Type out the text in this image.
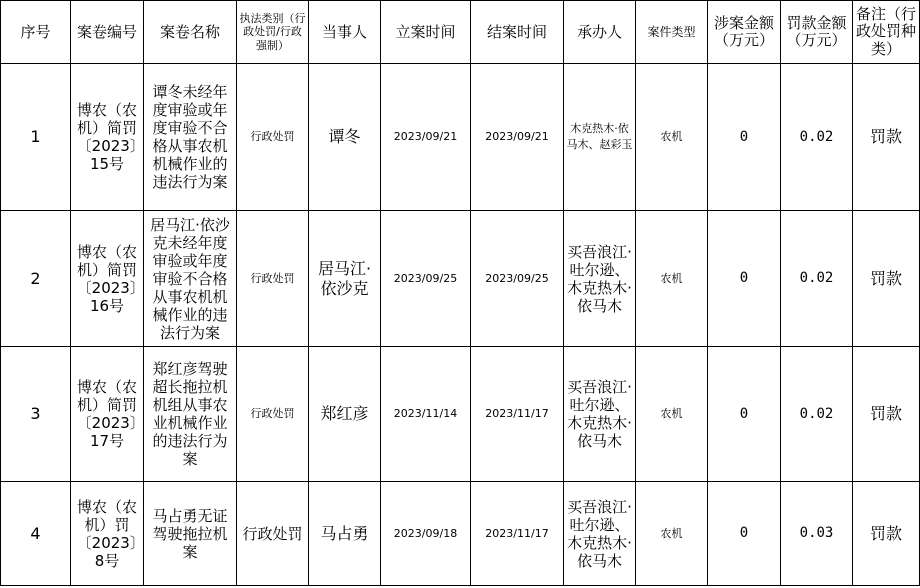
序号	案卷编号	案卷名称	执法类别（行政处罚/行政强制）	当事人	立案时间	结案时间	承办人	案件类型	涉案金额（万元）	罚款金额（万元）	备注（行政处罚种类）
1	博农（农机）简罚〔2023〕15号	谭冬未经年度审验或年度审验不合格从事农机机械作业的违法行为案	行政处罚	谭冬	2023/09/21	2023/09/21	木克热木·依马木、赵彩玉	农机	0	0.02	罚款
2	博农（农机）简罚〔2023〕16号	居马江·依沙克未经年度审验或年度审验不合格从事农机机械作业的违法行为案	行政处罚	居马江·依沙克	2023/09/25	2023/09/25	买吾浪江·吐尔逊、木克热木·依马木	农机	0	0.02	罚款
3	博农（农机）简罚〔2023〕17号	郑红彦驾驶超长拖拉机机组从事农业机械作业的违法行为案	行政处罚	郑红彦	2023/11/14	2023/11/17	买吾浪江·吐尔逊、木克热木·依马木	农机	0	0.02	罚款
4	博农（农机）罚〔2023〕8号	马占勇无证驾驶拖拉机案	行政处罚	马占勇	2023/09/18	2023/11/17	买吾浪江·吐尔逊、木克热木·依马木	农机	0	0.03	罚款
